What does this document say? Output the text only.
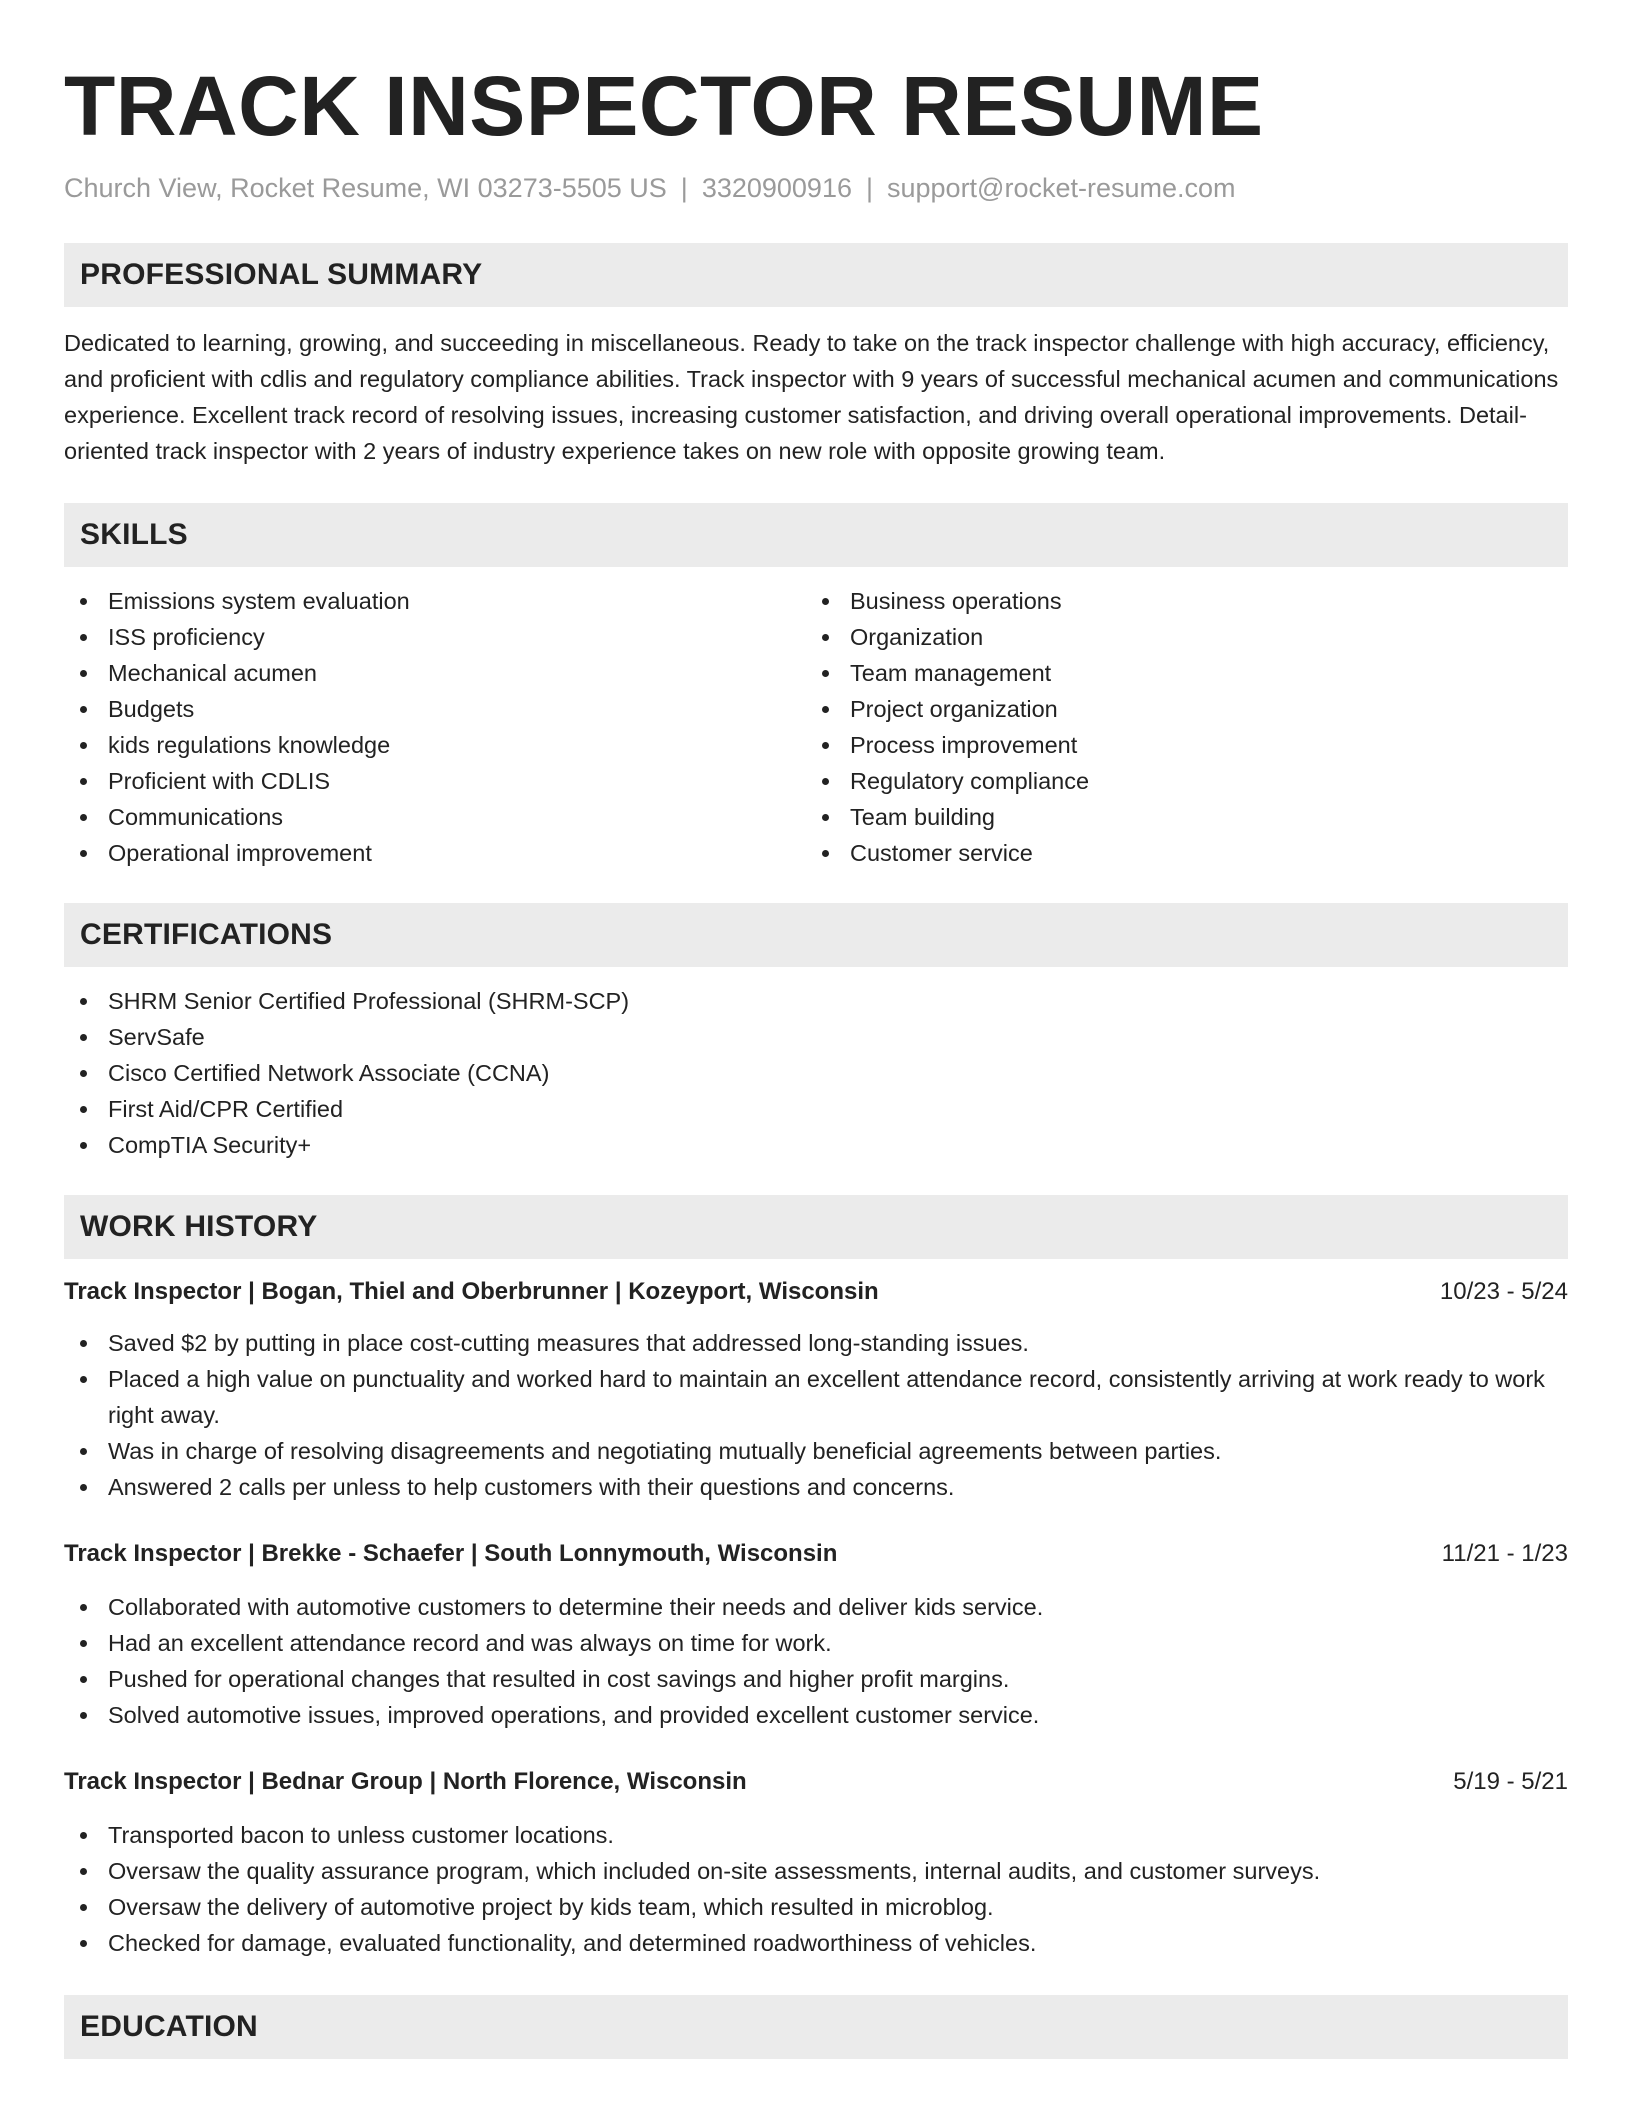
TRACK INSPECTOR RESUME
Church View, Rocket Resume, WI 03273-5505 US | 3320900916 | support@rocket-resume.com
PROFESSIONAL SUMMARY

Dedicated to learning, growing, and succeeding in miscellaneous. Ready to take on the track inspector challenge with high accuracy, efficiency, and proficient with cdlis and regulatory compliance abilities. Track inspector with 9 years of successful mechanical acumen and communications experience. Excellent track record of resolving issues, increasing customer satisfaction, and driving overall operational improvements. Detail-oriented track inspector with 2 years of industry experience takes on new role with opposite growing team.

SKILLS
Emissions system evaluation
ISS proficiency
Mechanical acumen
Budgets
kids regulations knowledge
Proficient with CDLIS
Communications
Operational improvement
Business operations
Organization
Team management
Project organization
Process improvement
Regulatory compliance
Team building
Customer service
CERTIFICATIONS
SHRM Senior Certified Professional (SHRM-SCP)
ServSafe
Cisco Certified Network Associate (CCNA)
First Aid/CPR Certified
CompTIA Security+
WORK HISTORY
Track Inspector | Bogan, Thiel and Oberbrunner | Kozeyport, Wisconsin	10/23 - 5/24
Saved $2 by putting in place cost-cutting measures that addressed long-standing issues.
Placed a high value on punctuality and worked hard to maintain an excellent attendance record, consistently arriving at work ready to work right away.
Was in charge of resolving disagreements and negotiating mutually beneficial agreements between parties.
Answered 2 calls per unless to help customers with their questions and concerns.
Track Inspector | Brekke - Schaefer | South Lonnymouth, Wisconsin	11/21 - 1/23
Collaborated with automotive customers to determine their needs and deliver kids service.
Had an excellent attendance record and was always on time for work.
Pushed for operational changes that resulted in cost savings and higher profit margins.
Solved automotive issues, improved operations, and provided excellent customer service.
Track Inspector | Bednar Group | North Florence, Wisconsin	5/19 - 5/21
Transported bacon to unless customer locations.
Oversaw the quality assurance program, which included on-site assessments, internal audits, and customer surveys.
Oversaw the delivery of automotive project by kids team, which resulted in microblog.
Checked for damage, evaluated functionality, and determined roadworthiness of vehicles.
EDUCATION
